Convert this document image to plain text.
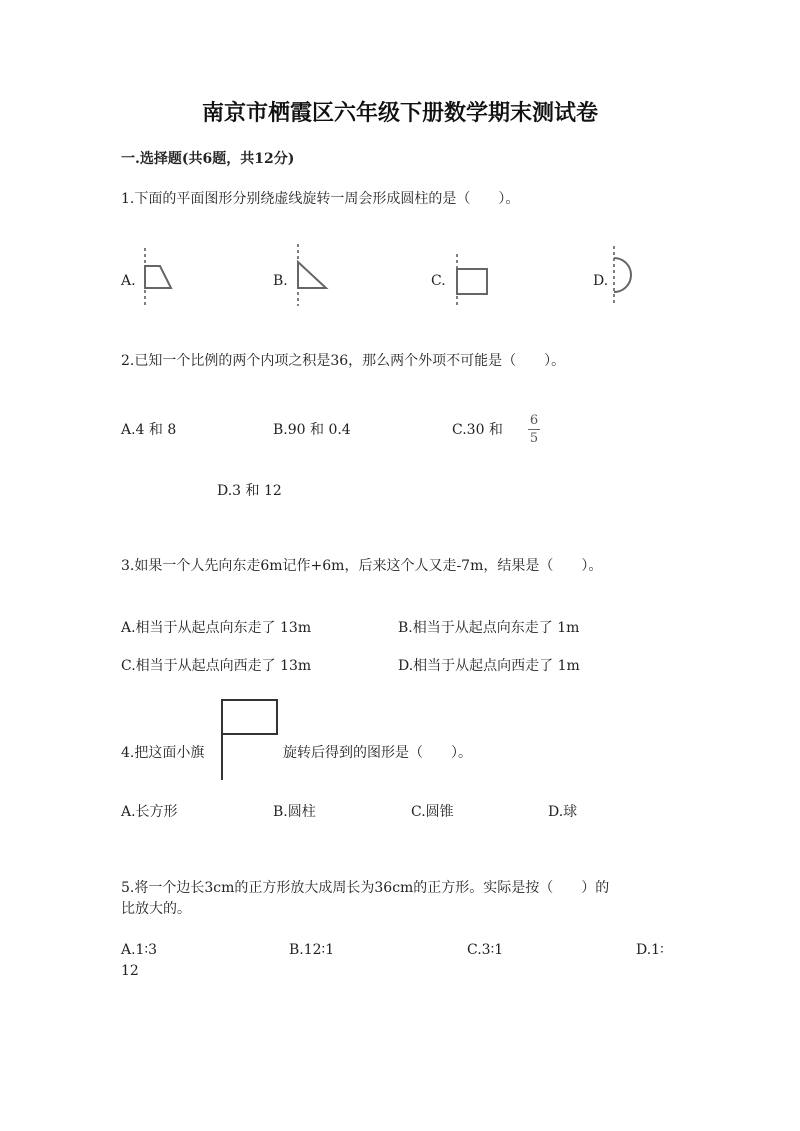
南京市栖霞区六年级下册数学期末测试卷
一.选择题(共6题，共12分)
1.下面的平面图形分别绕虚线旋转一周会形成圆柱的是（　　）。
A.	B.	C.	D.
2.已知一个比例的两个内项之积是36，那么两个外项不可能是（　　）。
A.4 和 8	B.90 和 0.4	C.30 和
6
5
D.3 和 12
3.如果一个人先向东走6m记作+6m，后来这个人又走-7m，结果是（　　）。
A.相当于从起点向东走了 13m	B.相当于从起点向东走了 1m
C.相当于从起点向西走了 13m	D.相当于从起点向西走了 1m
4.把这面小旗	旋转后得到的图形是（　　）。
A.长方形	B.圆柱	C.圆锥	D.球
5.将一个边长3cm的正方形放大成周长为36cm的正方形。实际是按（　　）的
比放大的。
A.1∶3	B.12∶1	C.3∶1	D.1∶
12
